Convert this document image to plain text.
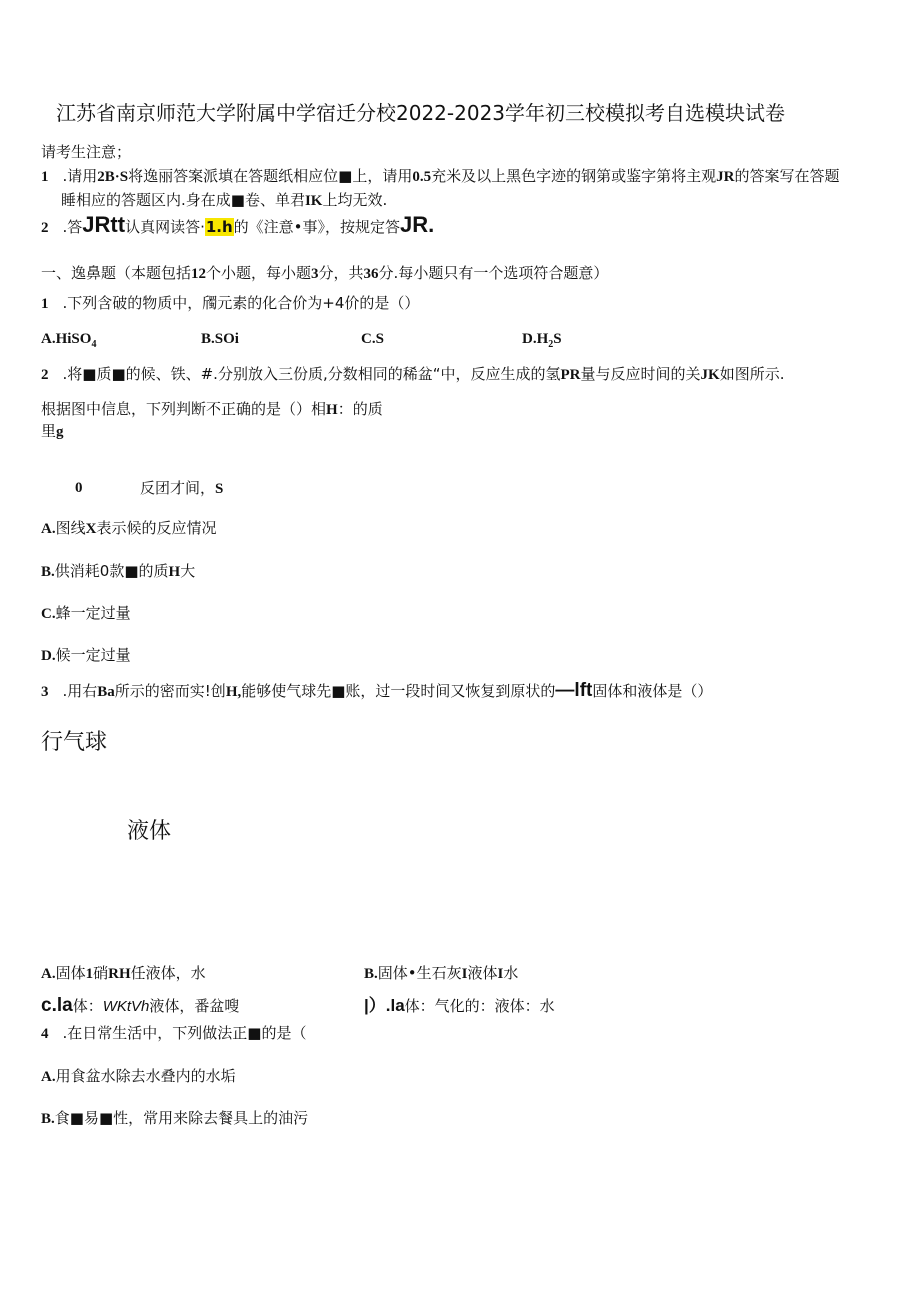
江苏省南京师范大学附属中学宿迁分校2022-2023学年初三校模拟考自选模块试卷
请考生注意；
1 .请用2B·S将逸丽答案派填在答题纸相应位■上，请用0.5充米及以上黑色字迹的钢第或鉴字第将主观JR的答案写在答题
睡相应的答题区内.身在成■卷、单君IK上均无效.
2 .答JRtt认真网读答·1.h的《注意•事》，按规定答JR.
一、逸鼻题（本题包括12个小题，每小题3分，共36分.每小题只有一个选项符合题意）
1 .下列含破的物质中，斶元素的化合价为+4价的是（）
A.HiSO$_4$	B.SOi	C.S	$D.H_2S$
2 .将■质■的候、铁、#.分别放入三份质,分数相同的稀盆“中，反应生成的氢PR量与反应时间的关JK如图所示.
根据图中信息，下列判断不正确的是（）相H：的质
里g
0	反团才间，S
A.图线X表示候的反应情况
B.供消耗0款■的质H大
C.蜂一定过量
D.候一定过量
3 .用右Ba所示的密而实!创H,能够使气球先■账，过一段时间又恢复到原状的—lft固体和液体是（）
行气球
液体
A.固体1硝RH任液体，水	B.固体•生石灰I液体I水
c.la体：WKtVh液体，番盆嗖	|）.la体：气化的：液体：水
4 .在日常生活中，下列做法正■的是（
A.用食盆水除去水叠内的水垢
B.食■易■性，常用来除去餐具上的油污
